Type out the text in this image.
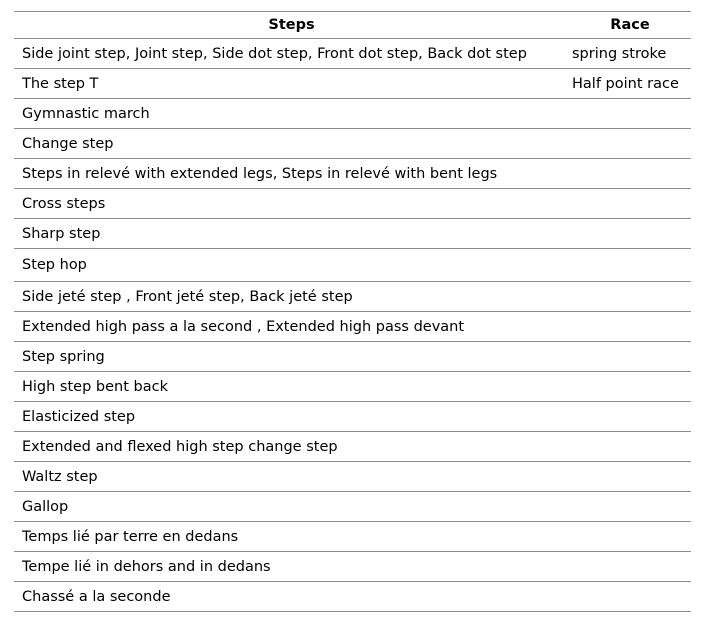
Steps	Race
Side joint step, Joint step, Side dot step, Front dot step, Back dot step	spring stroke
The step T	Half point race
Gymnastic march	
Change step	
Steps in relevé with extended legs, Steps in relevé with bent legs	
Cross steps	
Sharp step	
Step hop	
Side jeté step , Front jeté step, Back jeté step	
Extended high pass a la second , Extended high pass devant	
Step spring	
High step bent back	
Elasticized step	
Extended and flexed high step change step	
Waltz step	
Gallop	
Temps lié par terre en dedans	
Tempe lié in dehors and in dedans	
Chassé a la seconde	
